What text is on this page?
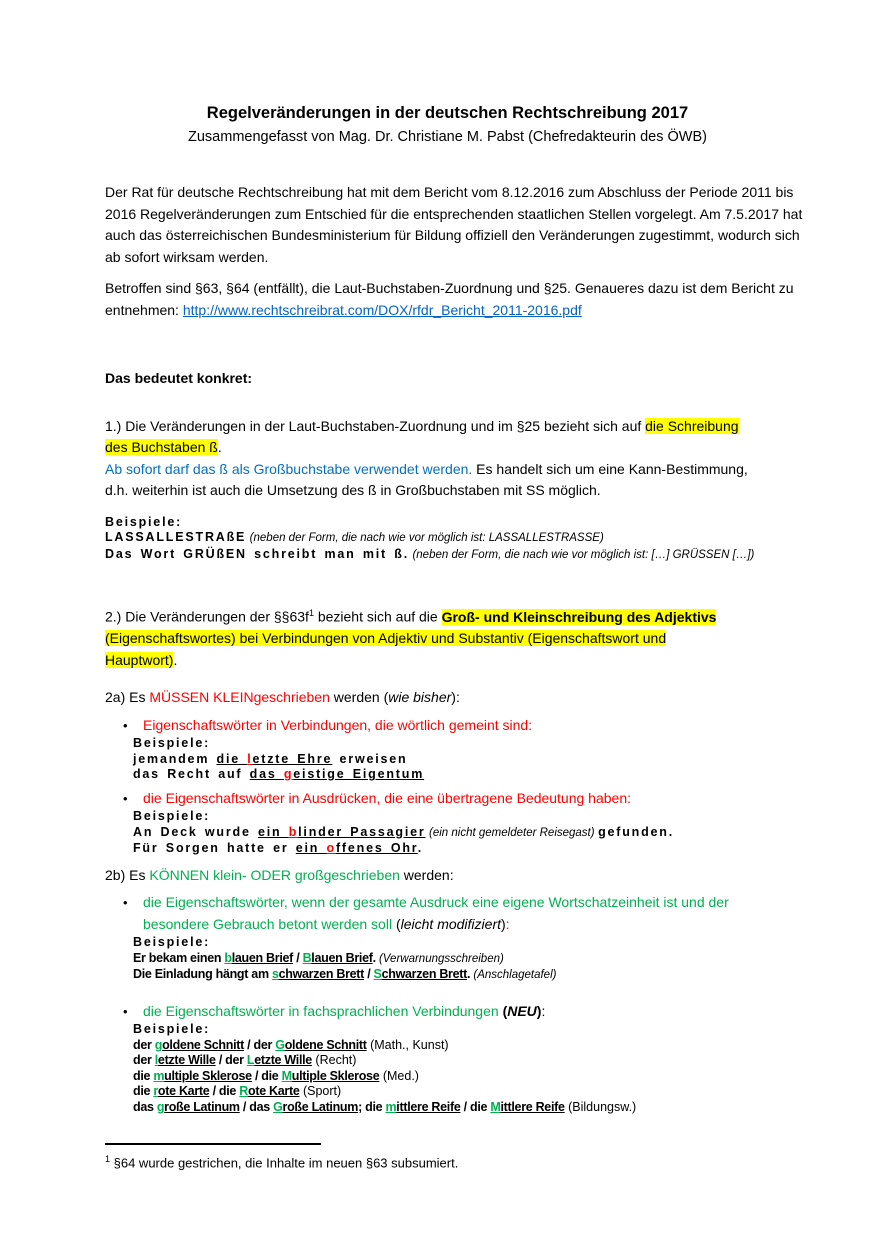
Regelveränderungen in der deutschen Rechtschreibung 2017
Zusammengefasst von Mag. Dr. Christiane M. Pabst (Chefredakteurin des ÖWB)

Der Rat für deutsche Rechtschreibung hat mit dem Bericht vom 8.12.2016 zum Abschluss der Periode 2011 bis
2016 Regelveränderungen zum Entschied für die entsprechenden staatlichen Stellen vorgelegt. Am 7.5.2017 hat
auch das österreichischen Bundesministerium für Bildung offiziell den Veränderungen zugestimmt, wodurch sich
ab sofort wirksam werden.

Betroffen sind §63, §64 (entfällt), die Laut-Buchstaben-Zuordnung und §25. Genaueres dazu ist dem Bericht zu
entnehmen: http://www.rechtschreibrat.com/DOX/rfdr_Bericht_2011-2016.pdf

Das bedeutet konkret:

1.) Die Veränderungen in der Laut-Buchstaben-Zuordnung und im §25 bezieht sich auf die Schreibung
des Buchstaben ß.
Ab sofort darf das ß als Großbuchstabe verwendet werden. Es handelt sich um eine Kann-Bestimmung,
d.h. weiterhin ist auch die Umsetzung des ß in Großbuchstaben mit SS möglich.

Beispiele:
LASSALLESTRAßE (neben der Form, die nach wie vor möglich ist: LASSALLESTRASSE)
Das Wort GRÜßEN schreibt man mit ß. (neben der Form, die nach wie vor möglich ist: […] GRÜSSEN […])

2.) Die Veränderungen der $\S\S 63f^1$ bezieht sich auf die Groß- und Kleinschreibung des Adjektivs
(Eigenschaftswortes) bei Verbindungen von Adjektiv und Substantiv (Eigenschaftswort und
Hauptwort).

2a) Es MÜSSEN KLEINgeschrieben werden (wie bisher):

• Eigenschaftswörter in Verbindungen, die wörtlich gemeint sind:

Beispiele:
jemandem die letzte Ehre erweisen
das Recht auf das geistige Eigentum
• die Eigenschaftswörter in Ausdrücken, die eine übertragene Bedeutung haben:

Beispiele:
An Deck wurde ein blinder Passagier (ein nicht gemeldeter Reisegast) gefunden.
Für Sorgen hatte er ein offenes Ohr.

2b) Es KÖNNEN klein- ODER großgeschrieben werden:

• die Eigenschaftswörter, wenn der gesamte Ausdruck eine eigene Wortschatzeinheit ist und der
besondere Gebrauch betont werden soll (leicht modifiziert):

Beispiele:
Er bekam einen blauen Brief / Blauen Brief. (Verwarnungsschreiben)
Die Einladung hängt am schwarzen Brett / Schwarzen Brett. (Anschlagetafel)
• die Eigenschaftswörter in fachsprachlichen Verbindungen (NEU):

Beispiele:
der goldene Schnitt / der Goldene Schnitt (Math., Kunst)
der letzte Wille / der Letzte Wille (Recht)
die multiple Sklerose / die Multiple Sklerose (Med.)
die rote Karte / die Rote Karte (Sport)
das große Latinum / das Große Latinum; die mittlere Reife / die Mittlere Reife (Bildungsw.)

$^1$ §64 wurde gestrichen, die Inhalte im neuen §63 subsumiert.
